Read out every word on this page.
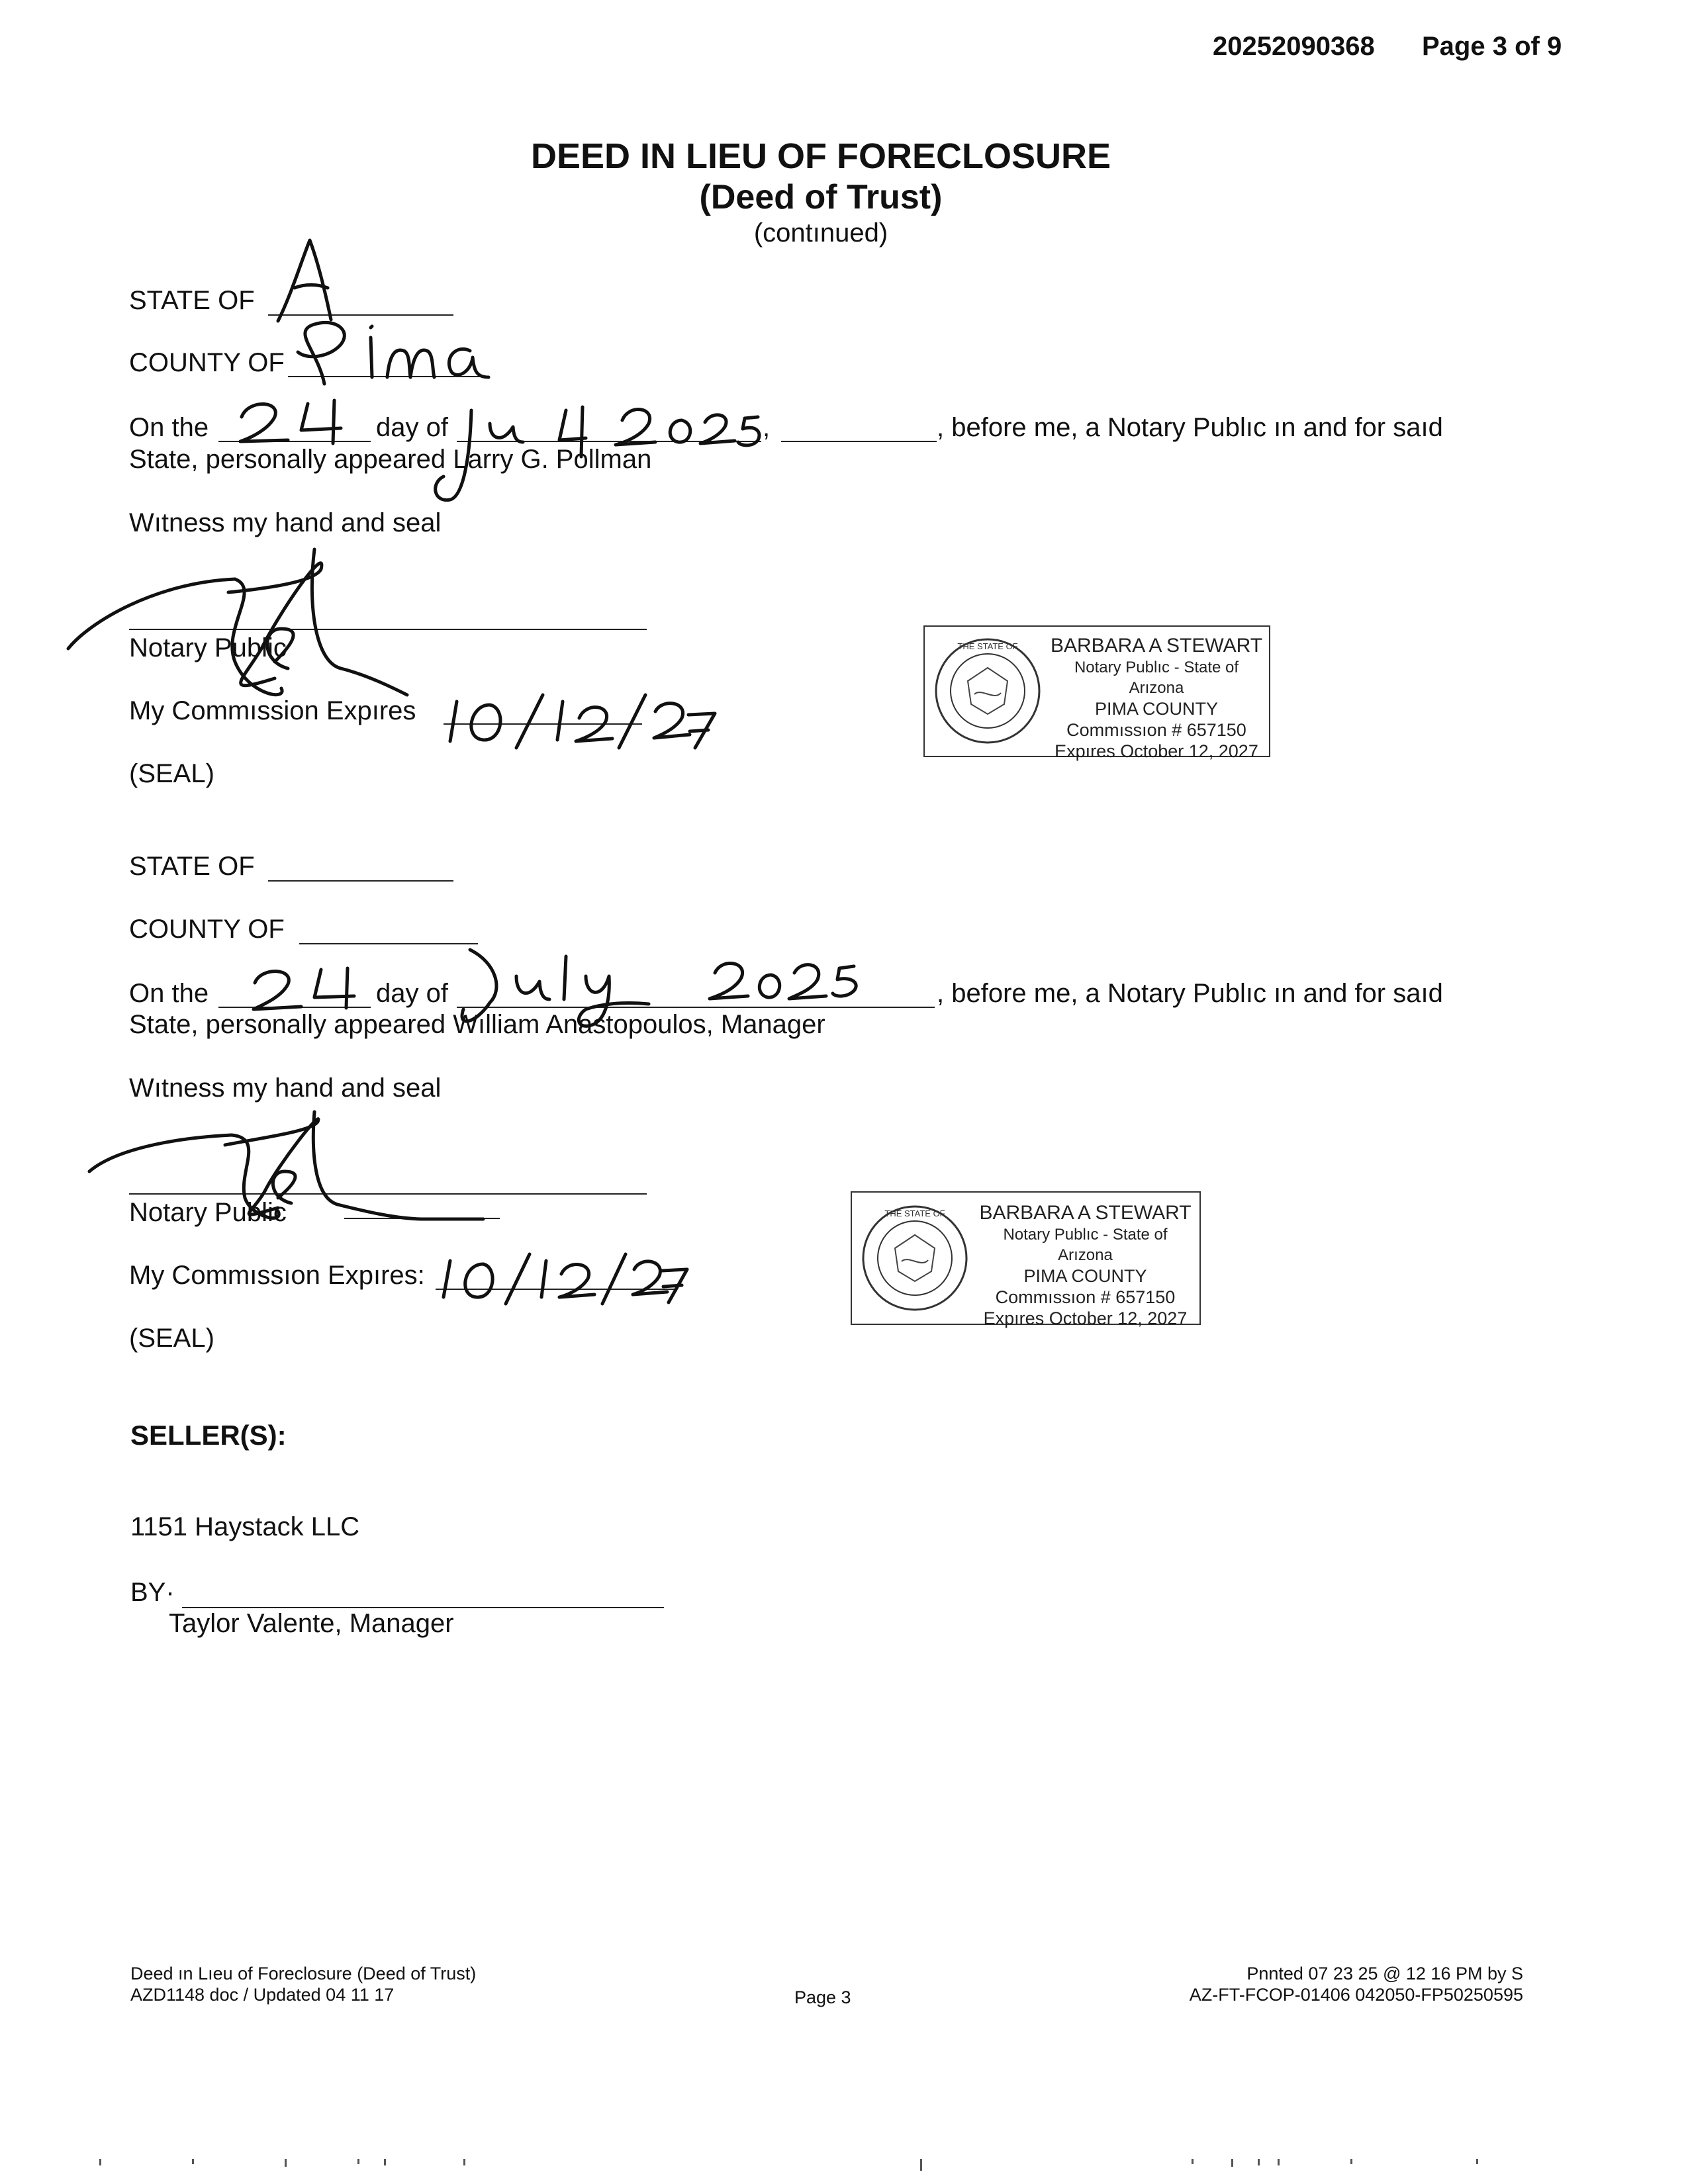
20252090368 Page 3 of 9
DEED IN LIEU OF FORECLOSURE
(Deed of Trust)
(contınued)
STATE OF
COUNTY OF
On the	day of	,	, before me, a Notary Publıc ın and for saıd
State, personally appeared Larry G. Pollman
Wıtness my hand and seal
Notary Public
My Commıssion Expıres
(SEAL)
THE STATE OF BARBARA A STEWART
Notary Publıc - State of Arızona
PIMA COUNTY
Commıssıon # 657150
Expıres October 12, 2027
STATE OF
COUNTY OF
On the	day of	, before me, a Notary Publıc ın and for saıd
State, personally appeared Wılliam Anastopoulos, Manager
Wıtness my hand and seal
Notary Public
My Commıssıon Expıres:
(SEAL)
THE STATE OF BARBARA A STEWART
Notary Publıc - State of Arızona
PIMA COUNTY
Commıssıon # 657150
Expıres October 12, 2027
SELLER(S):
1151 Haystack LLC
BY·
Taylor Valente, Manager
Deed ın Lıeu of Foreclosure (Deed of Trust)
AZD1148 doc / Updated 04 11 17	Page 3
Pnnted 07 23 25 @ 12 16 PM by S
AZ-FT-FCOP-01406 042050-FP50250595
